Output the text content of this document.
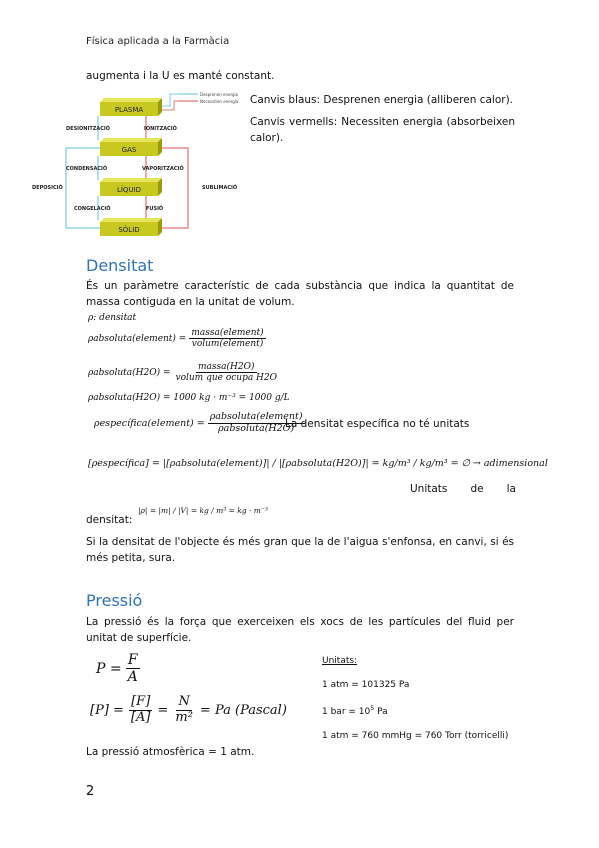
Física aplicada a la Farmàcia
augmenta i la U es manté constant.
Desprenen energia
Necessiten energia
PLASMA
GAS
LÍQUID
SÒLID
DESIONITZACIÓ	IONITZACIÓ
CONDENSACIÓ	VAPORITZACIÓ
DEPOSICIÓ	SUBLIMACIÓ
CONGELACIÓ	FUSIÓ
Canvis blaus: Desprenen energia (alliberen calor).
Canvis vermells: Necessiten energia (absorbeixen calor).
Densitat
És un paràmetre característic de cada substància que indica la quantitat de massa contiguda en la unitat de volum.
ρ: densitat
ρabsoluta(element) = $\frac{\text{massa(element)}}{\text{volum(element)}}$
ρabsoluta(H2O) = $\frac{\text{massa(H2O)}}{\text{volum que ocupa H2O}}$
ρabsoluta(H2O) = 1000 kg · m⁻³ = 1000 g/L
ρespecífica(element) = $\frac{\text{ρabsoluta(element)}}{\text{ρabsoluta(H2O)}}$
La densitat específica no té unitats
[ρespecífica] = |[ρabsoluta(element)]| / |[ρabsoluta(H2O)]| = kg/m³ / kg/m³ = ∅ → adimensional
Unitats de la
densitat:
|ρ| = |m| / |V| = kg / m³ = kg · m⁻³
Si la densitat de l'objecte és més gran que la de l'aigua s'enfonsa, en canvi, si és més petita, sura.
Pressió
La pressió és la força que exerceixen els xocs de les partícules del fluid per unitat de superfície.
$P = \frac{F}{A}$
$[P] = \frac{[F]}{[A]} = \frac{N}{\text{m²}} = Pa$ (Pascal)
Unitats:
1 atm = 101325 Pa
1 bar = $10^5$ Pa
1 atm = 760 mmHg = 760 Torr (torricelli)
La pressió atmosfèrica = 1 atm.
2
